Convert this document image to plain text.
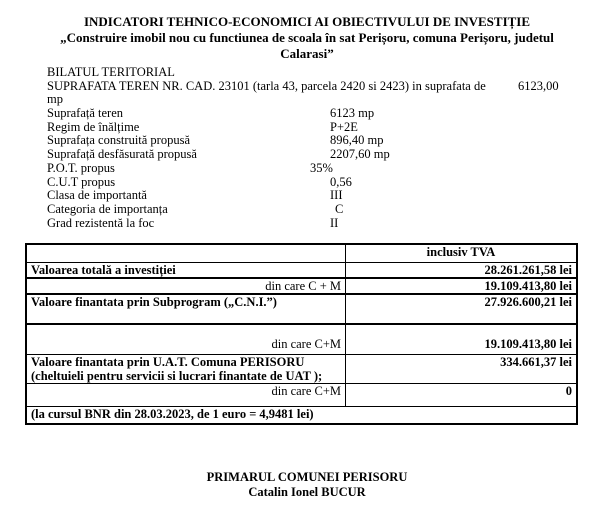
INDICATORI TEHNICO-ECONOMICI AI OBIECTIVULUI DE INVESTIȚIE
„Construire imobil nou cu functiunea de scoala în sat Perișoru, comuna Perișoru, judetul Calarasi”
BILATUL TERITORIAL
SUPRAFATA TEREN NR. CAD. 23101 (tarla 43, parcela 2420 si 2423) in suprafata de	6123,00
mp
Suprafață teren	6123 mp
Regim de înălțime	P+2E
Suprafața construită propusă	896,40 mp
Suprafață desfăsurată propusă	2207,60 mp
P.O.T. propus	35%
C.U.T propus	0,56
Clasa de importantă	III
Categoria de importanța	C
Grad rezistentă la foc	II
	inclusiv TVA
Valoarea totală a investiției	28.261.261,58 lei
din care C + M	19.109.413,80 lei
Valoare finantata prin Subprogram („C.N.I.”)	27.926.600,21 lei
din care C+M	19.109.413,80 lei

Valoare finantata prin U.A.T. Comuna PERISORU
(cheltuieli pentru servicii si lucrari finantate de UAT );	334.661,37 lei
din care C+M	0
(la cursul BNR din 28.03.2023, de 1 euro = 4,9481 lei)	
PRIMARUL COMUNEI PERISORU
Catalin Ionel BUCUR
